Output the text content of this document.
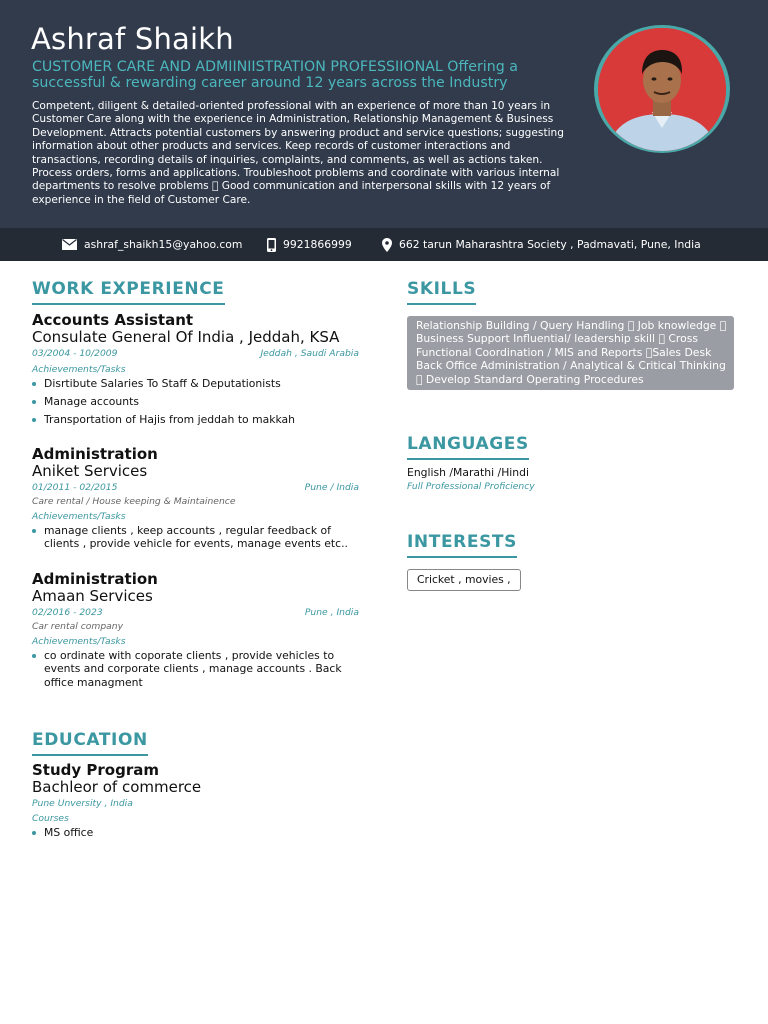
Ashraf Shaikh
CUSTOMER CARE AND ADMIINIISTRATION PROFESSIIONAL Offering a successful & rewarding career around 12 years across the Industry
Competent, diligent & detailed-oriented professional with an experience of more than 10 years in Customer Care along with the experience in Administration, Relationship Management & Business Development. Attracts potential customers by answering product and service questions; suggesting information about other products and services. Keep records of customer interactions and transactions, recording details of inquiries, complaints, and comments, as well as actions taken. Process orders, forms and applications. Troubleshoot problems and coordinate with various internal departments to resolve problems Good communication and interpersonal skills with 12 years of experience in the field of Customer Care.
ashraf_shaikh15@yahoo.com	9921866999	662 tarun Maharashtra Society , Padmavati, Pune, India
WORK EXPERIENCE
Accounts Assistant
Consulate General Of India , Jeddah, KSA
03/2004 - 10/2009	Jeddah , Saudi Arabia
Achievements/Tasks
Disrtibute Salaries To Staff & Deputationists
Manage accounts
Transportation of Hajis from jeddah to makkah
Administration
Aniket Services
01/2011 - 02/2015	Pune / India
Care rental / House keeping & Maintainence
Achievements/Tasks
manage clients , keep accounts , regular feedback of clients , provide vehicle for events, manage events etc..
Administration
Amaan Services
02/2016 - 2023	Pune , India
Car rental company
Achievements/Tasks
co ordinate with coporate clients , provide vehicles to events and corporate clients , manage accounts . Back office managment
EDUCATION
Study Program
Bachleor of commerce
Pune Unversity , India
Courses
MS office
SKILLS
Relationship Building / Query Handling Job knowledge Business Support Influential/ leadership skill Cross Functional Coordination / MIS and Reports Sales Desk Back Office Administration / Analytical & Critical Thinking Develop Standard Operating Procedures
LANGUAGES
English /Marathi /Hindi
Full Professional Proficiency
INTERESTS
Cricket , movies ,
